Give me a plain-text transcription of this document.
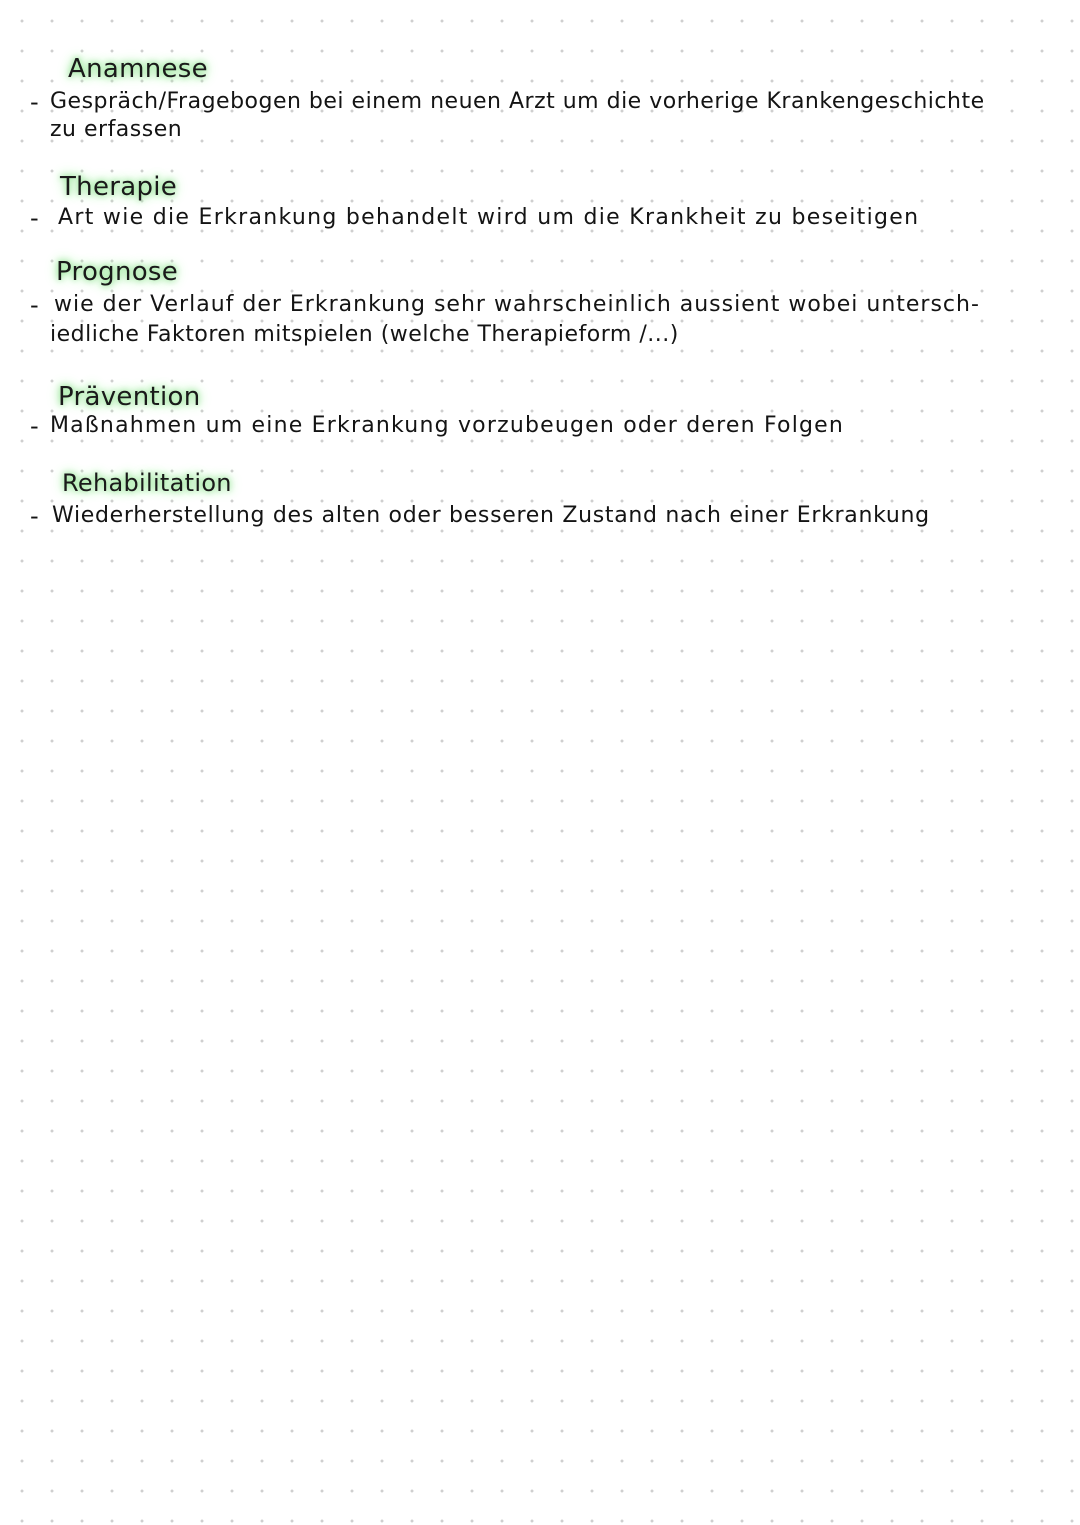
Anamnese
- Gespräch/Fragebogen bei einem neuen Arzt um die vorherige Krankengeschichte
zu erfassen
Therapie
- Art wie die Erkrankung behandelt wird um die Krankheit zu beseitigen
Prognose
- wie der Verlauf der Erkrankung sehr wahrscheinlich aussient wobei untersch-
iedliche Faktoren mitspielen (welche Therapieform /...)
Prävention
- Maßnahmen um eine Erkrankung vorzubeugen oder deren Folgen
Rehabilitation
- Wiederherstellung des alten oder besseren Zustand nach einer Erkrankung
